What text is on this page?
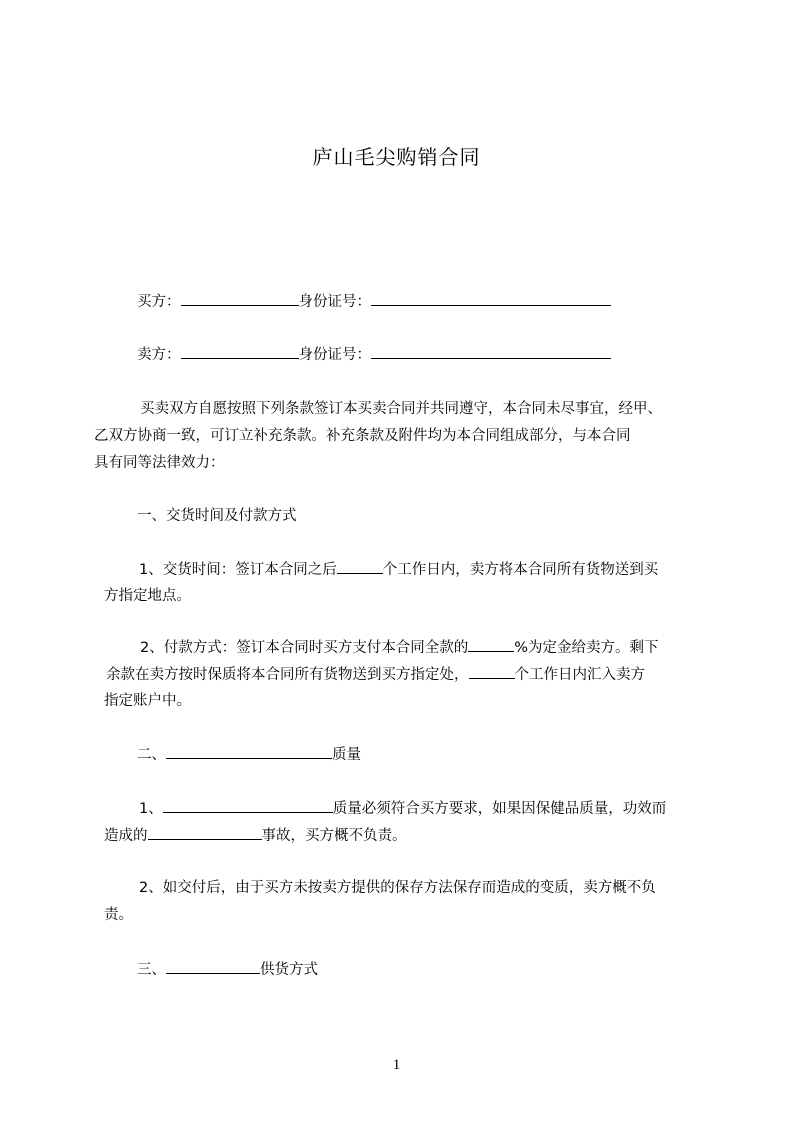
庐山毛尖购销合同
买方：	身份证号：
卖方：	身份证号：
买卖双方自愿按照下列条款签订本买卖合同并共同遵守，本合同未尽事宜，经甲、
乙双方协商一致，可订立补充条款。补充条款及附件均为本合同组成部分，与本合同
具有同等法律效力：
一、交货时间及付款方式
1、交货时间：签订本合同之后	个工作日内，卖方将本合同所有货物送到买
方指定地点。
2、付款方式：签订本合同时买方支付本合同全款的	%为定金给卖方。剩下
余款在卖方按时保质将本合同所有货物送到买方指定处，	个工作日内汇入卖方
指定账户中。
二、	质量
1、	质量必须符合买方要求，如果因保健品质量，功效而
造成的	事故，买方概不负责。
2、如交付后，由于买方未按卖方提供的保存方法保存而造成的变质，卖方概不负
责。
三、	供货方式
1
